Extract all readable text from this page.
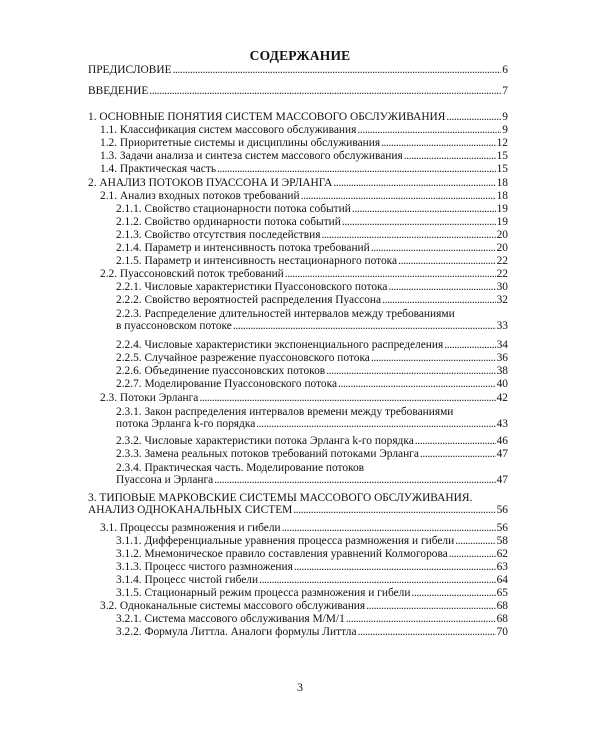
СОДЕРЖАНИЕ
ПРЕДИСЛОВИЕ . . .	6
ВВЕДЕНИЕ . . .	7
1. ОСНОВНЫЕ ПОНЯТИЯ СИСТЕМ МАССОВОГО ОБСЛУЖИВАНИЯ . . .	9
1.1. Классификация систем массового обслуживания . . .	9
1.2. Приоритетные системы и дисциплины обслуживания . . .	12
1.3. Задачи анализа и синтеза систем массового обслуживания . . .	15
1.4. Практическая часть . . .	15
2. АНАЛИЗ ПОТОКОВ ПУАССОНА И ЭРЛАНГА . . .	18
2.1. Анализ входных потоков требований . . .	18
2.1.1. Свойство стационарности потока событий . . .	19
2.1.2. Свойство ординарности потока событий . . .	19
2.1.3. Свойство отсутствия последействия . . .	20
2.1.4. Параметр и интенсивность потока требований . . .	20
2.1.5. Параметр и интенсивность нестационарного потока . . .	22
2.2. Пуассоновский поток требований . . .	22
2.2.1. Числовые характеристики Пуассоновского потока . . .	30
2.2.2. Свойство вероятностей распределения Пуассона . . .	32
2.2.3. Распределение длительностей интервалов между требованиями
в пуассоновском потоке . . .	33
2.2.4. Числовые характеристики экспоненциального распределения . . .	34
2.2.5. Случайное разрежение пуассоновского потока . . .	36
2.2.6. Объединение пуассоновских потоков . . .	38
2.2.7. Моделирование Пуассоновского потока . . .	40
2.3. Потоки Эрланга . . .	42
2.3.1. Закон распределения интервалов времени между требованиями
потока Эрланга k-го порядка . . .	43
2.3.2. Числовые характеристики потока Эрланга k-го порядка . . .	46
2.3.3. Замена реальных потоков требований потоками Эрланга . . .	47
2.3.4. Практическая часть. Моделирование потоков
Пуассона и Эрланга . . .	47
3. ТИПОВЫЕ МАРКОВСКИЕ СИСТЕМЫ МАССОВОГО ОБСЛУЖИВАНИЯ.
АНАЛИЗ ОДНОКАНАЛЬНЫХ СИСТЕМ . . .	56
3.1. Процессы размножения и гибели . . .	56
3.1.1. Дифференциальные уравнения процесса размножения и гибели . . .	58
3.1.2. Мнемоническое правило составления уравнений Колмогорова . . .	62
3.1.3. Процесс чистого размножения . . .	63
3.1.4. Процесс чистой гибели . . .	64
3.1.5. Стационарный режим процесса размножения и гибели . . .	65
3.2. Одноканальные системы массового обслуживания . . .	68
3.2.1. Система массового обслуживания M/M/1 . . .	68
3.2.2. Формула Литтла. Аналоги формулы Литтла . . .	70
3
